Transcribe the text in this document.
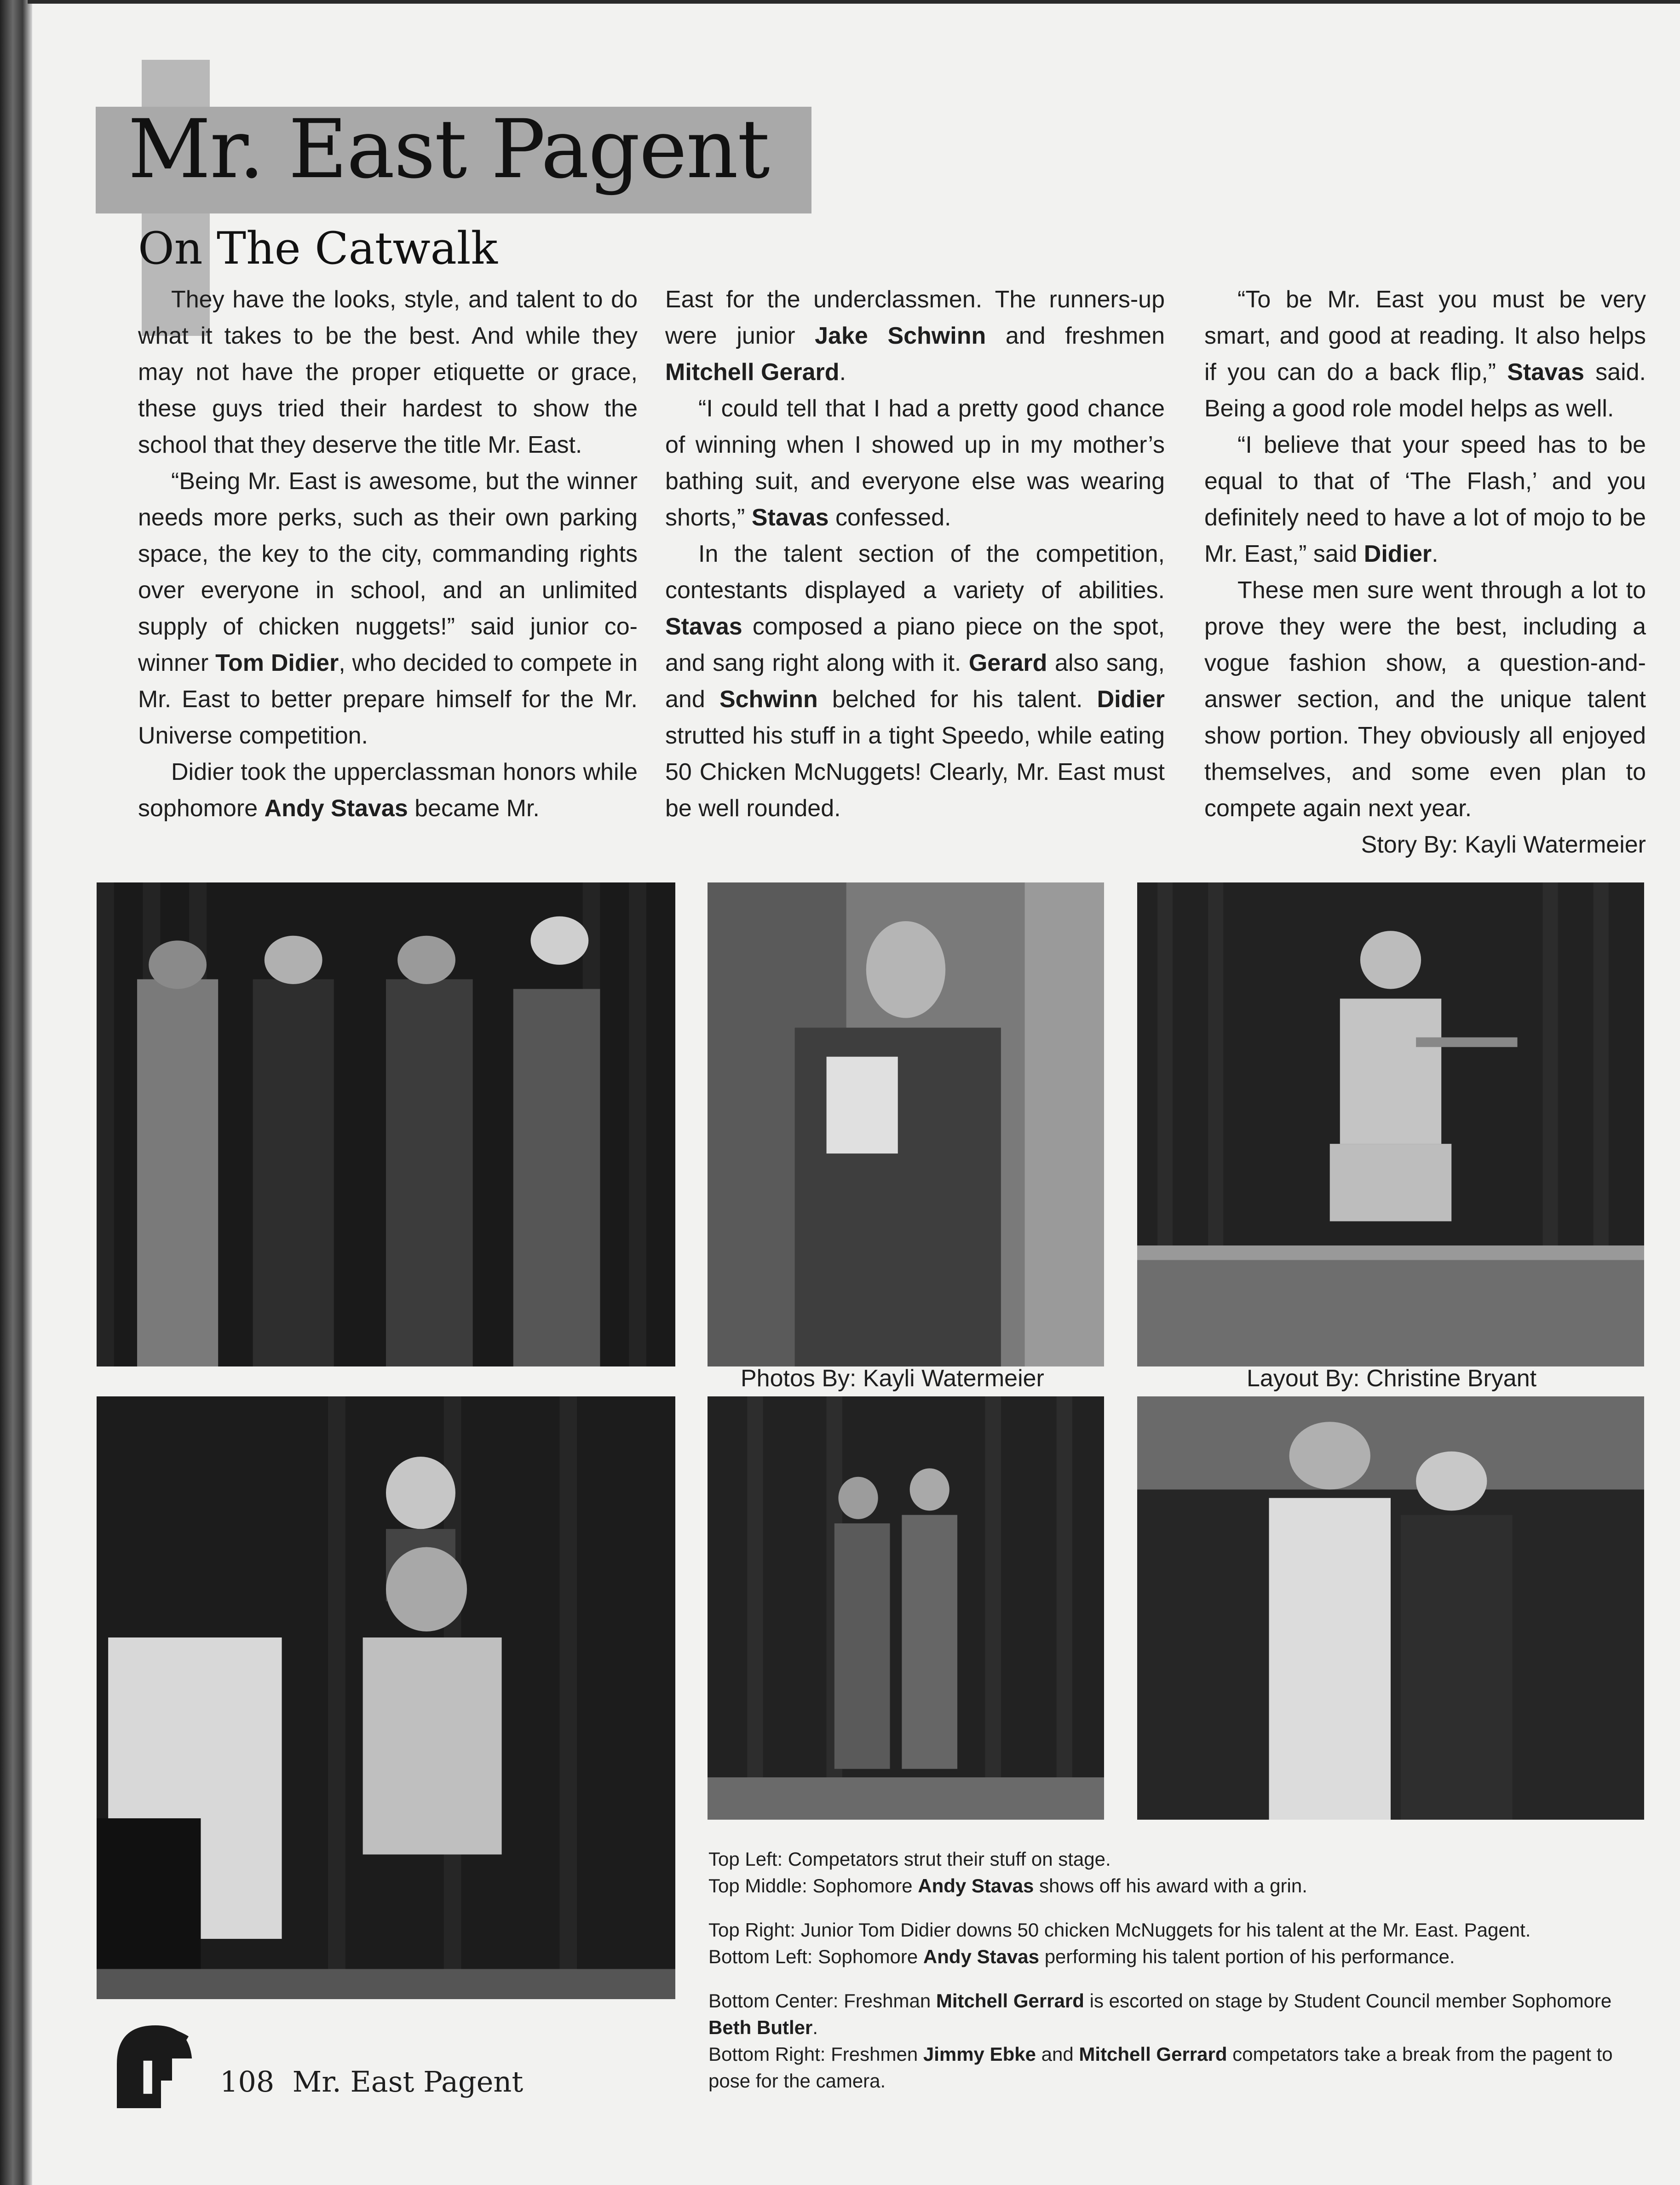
Mr. East Pagent
On The Catwalk

They have the looks, style, and talent to do what it takes to be the best. And while they may not have the proper etiquette or grace, these guys tried their hardest to show the school that they deserve the title Mr. East.

“Being Mr. East is awesome, but the winner needs more perks, such as their own parking space, the key to the city, commanding rights over everyone in school, and an unlimited supply of chicken nuggets!” said junior co-winner Tom Didier, who decided to compete in Mr. East to better prepare himself for the Mr. Universe competition.

Didier took the upperclassman honors while sophomore Andy Stavas became Mr.

East for the underclassmen. The runners-up were junior Jake Schwinn and freshmen Mitchell Gerard.

“I could tell that I had a pretty good chance of winning when I showed up in my mother’s bathing suit, and everyone else was wearing shorts,” Stavas confessed.

In the talent section of the competition, contestants displayed a variety of abilities. Stavas composed a piano piece on the spot, and sang right along with it. Gerard also sang, and Schwinn belched for his talent. Didier strutted his stuff in a tight Speedo, while eating 50 Chicken McNuggets! Clearly, Mr. East must be well rounded.

“To be Mr. East you must be very smart, and good at reading. It also helps if you can do a back flip,” Stavas said. Being a good role model helps as well.

“I believe that your speed has to be equal to that of ‘The Flash,’ and you definitely need to have a lot of mojo to be Mr. East,” said Didier.

These men sure went through a lot to prove they were the best, including a vogue fashion show, a question-and-answer section, and the unique talent show portion. They obviously all enjoyed themselves, and some even plan to compete again next year.

Story By: Kayli Watermeier

Photos By: Kayli Watermeier	Layout By: Christine Bryant

Top Left: Competators strut their stuff on stage.

Top Middle: Sophomore Andy Stavas shows off his award with a grin.

Top Right: Junior Tom Didier downs 50 chicken McNuggets for his talent at the Mr. East. Pagent.

Bottom Left: Sophomore Andy Stavas performing his talent portion of his performance.

Bottom Center: Freshman Mitchell Gerrard is escorted on stage by Student Council member Sophomore Beth Butler.

Bottom Right: Freshmen Jimmy Ebke and Mitchell Gerrard competators take a break from the pagent to pose for the camera.

108 Mr. East Pagent
